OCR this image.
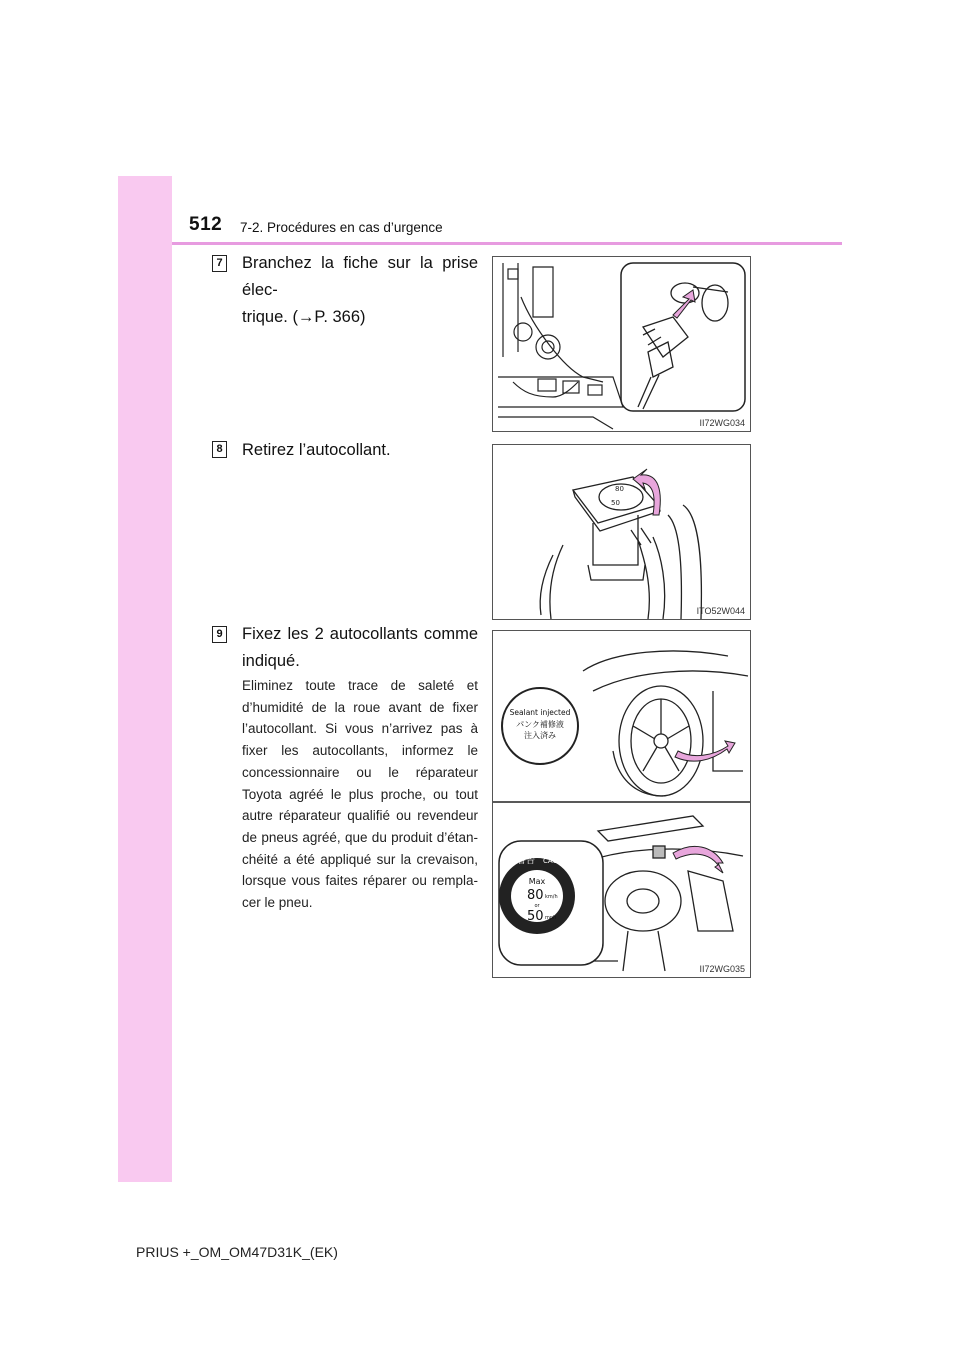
512 7-2. Procédures en cas d’urgence
7 Branchez la fiche sur la prise élec-
trique. (→P. 366)
8 Retirez l’autocollant.
9 Fixez les 2 autocollants comme
indiqué.
Eliminez toute trace de saleté et d’humidité de la roue avant de fixer l’autocollant. Si vous n’arrivez pas à fixer les autocollants, informez le concessionnaire ou le réparateur Toyota agréé le plus proche, ou tout autre réparateur qualifié ou revendeur de pneus agréé, que du produit d’étan-chéité a été appliqué sur la crevaison, lorsque vous faites réparer ou rempla-cer le pneu.
II72WG034
80
50
ITO52W044
Sealant injected
パンク補修液
注入済み
警告 CAUTION
Max
80 km/h
or
50 mph
II72WG035
PRIUS +_OM_OM47D31K_(EK)
